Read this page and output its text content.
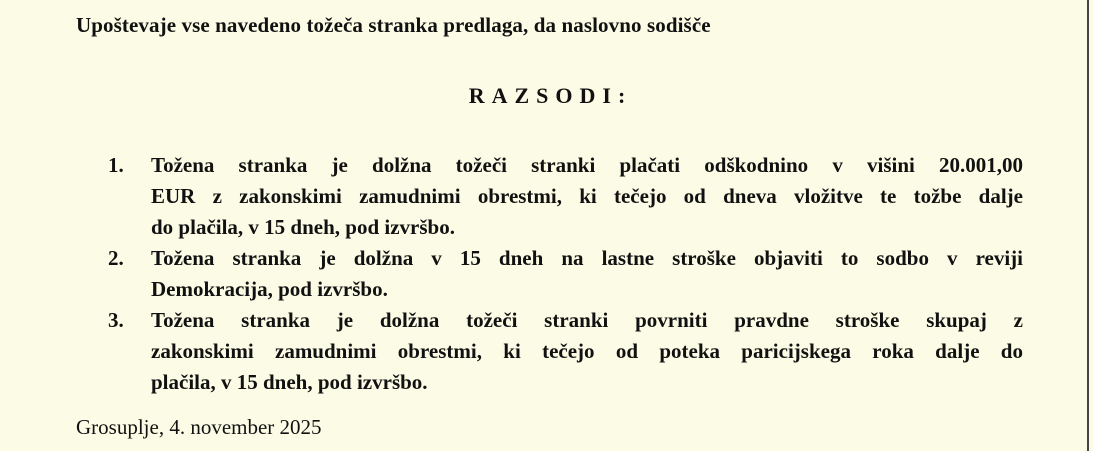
Upoštevaje vse navedeno tožeča stranka predlaga, da naslovno sodišče
RAZSODI:
1.	Tožena stranka je dolžna tožeči stranki plačati odškodnino v višini 20.001,00
EUR z zakonskimi zamudnimi obrestmi, ki tečejo od dneva vložitve te tožbe dalje
do plačila, v 15 dneh, pod izvršbo.
2.	Tožena stranka je dolžna v 15 dneh na lastne stroške objaviti to sodbo v reviji
Demokracija, pod izvršbo.
3.	Tožena stranka je dolžna tožeči stranki povrniti pravdne stroške skupaj z
zakonskimi zamudnimi obrestmi, ki tečejo od poteka paricijskega roka dalje do
plačila, v 15 dneh, pod izvršbo.
Grosuplje, 4. november 2025
